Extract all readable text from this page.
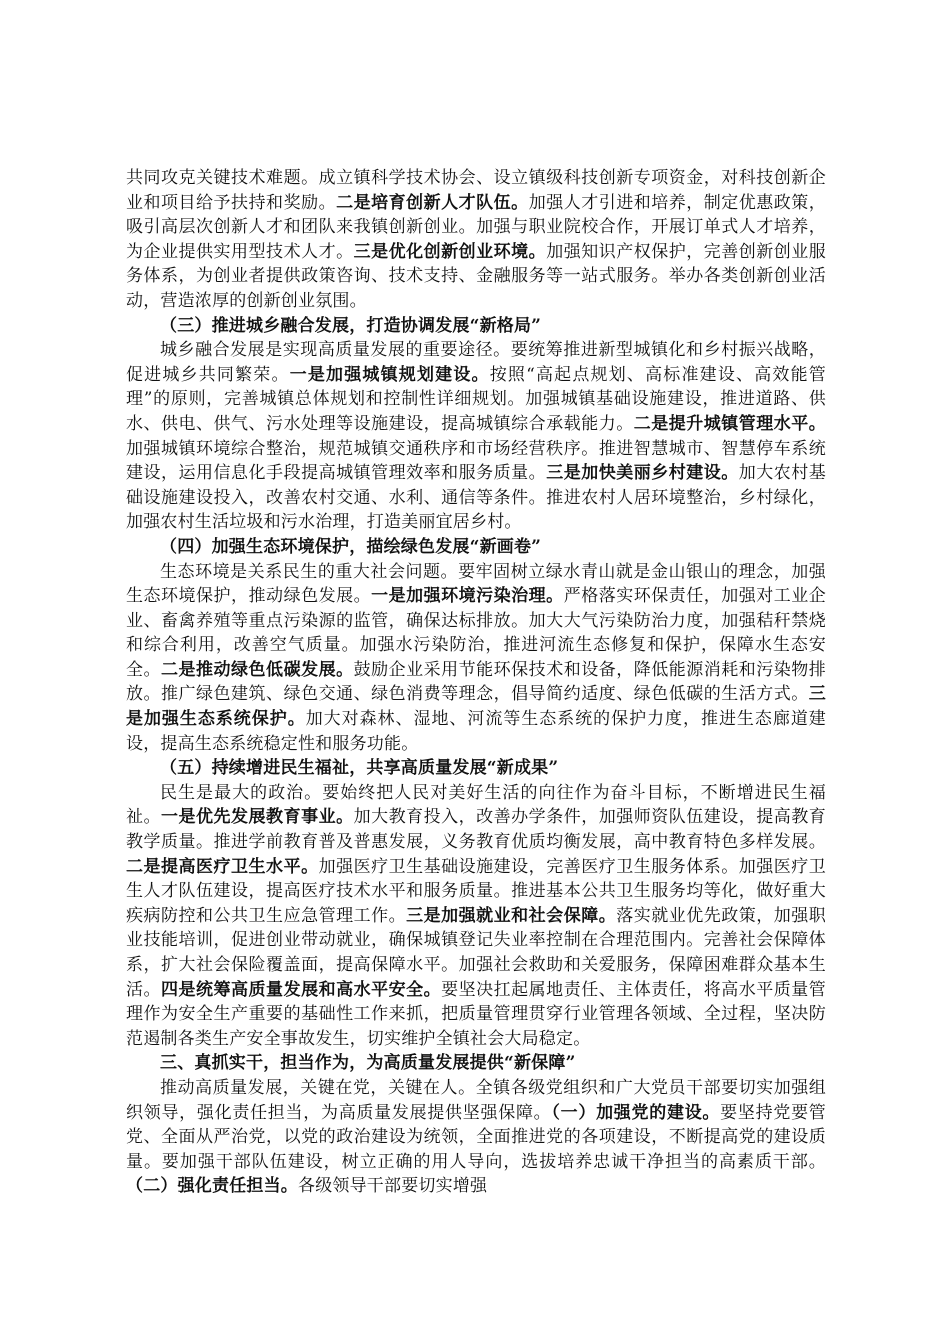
共同攻克关键技术难题。成立镇科学技术协会、设立镇级科技创新专项资金，对科技创新企业和项目给予扶持和奖励。二是培育创新人才队伍。加强人才引进和培养，制定优惠政策，吸引高层次创新人才和团队来我镇创新创业。加强与职业院校合作，开展订单式人才培养，为企业提供实用型技术人才。三是优化创新创业环境。加强知识产权保护，完善创新创业服务体系，为创业者提供政策咨询、技术支持、金融服务等一站式服务。举办各类创新创业活动，营造浓厚的创新创业氛围。

（三）推进城乡融合发展，打造协调发展“新格局”

城乡融合发展是实现高质量发展的重要途径。要统筹推进新型城镇化和乡村振兴战略，促进城乡共同繁荣。一是加强城镇规划建设。按照“高起点规划、高标准建设、高效能管理”的原则，完善城镇总体规划和控制性详细规划。加强城镇基础设施建设，推进道路、供水、供电、供气、污水处理等设施建设，提高城镇综合承载能力。二是提升城镇管理水平。加强城镇环境综合整治，规范城镇交通秩序和市场经营秩序。推进智慧城市、智慧停车系统建设，运用信息化手段提高城镇管理效率和服务质量。三是加快美丽乡村建设。加大农村基础设施建设投入，改善农村交通、水利、通信等条件。推进农村人居环境整治，乡村绿化，加强农村生活垃圾和污水治理，打造美丽宜居乡村。

（四）加强生态环境保护，描绘绿色发展“新画卷”

生态环境是关系民生的重大社会问题。要牢固树立绿水青山就是金山银山的理念，加强生态环境保护，推动绿色发展。一是加强环境污染治理。严格落实环保责任，加强对工业企业、畜禽养殖等重点污染源的监管，确保达标排放。加大大气污染防治力度，加强秸秆禁烧和综合利用，改善空气质量。加强水污染防治，推进河流生态修复和保护，保障水生态安全。二是推动绿色低碳发展。鼓励企业采用节能环保技术和设备，降低能源消耗和污染物排放。推广绿色建筑、绿色交通、绿色消费等理念，倡导简约适度、绿色低碳的生活方式。三是加强生态系统保护。加大对森林、湿地、河流等生态系统的保护力度，推进生态廊道建设，提高生态系统稳定性和服务功能。

（五）持续增进民生福祉，共享高质量发展“新成果”

民生是最大的政治。要始终把人民对美好生活的向往作为奋斗目标，不断增进民生福祉。一是优先发展教育事业。加大教育投入，改善办学条件，加强师资队伍建设，提高教育教学质量。推进学前教育普及普惠发展，义务教育优质均衡发展，高中教育特色多样发展。二是提高医疗卫生水平。加强医疗卫生基础设施建设，完善医疗卫生服务体系。加强医疗卫生人才队伍建设，提高医疗技术水平和服务质量。推进基本公共卫生服务均等化，做好重大疾病防控和公共卫生应急管理工作。三是加强就业和社会保障。落实就业优先政策，加强职业技能培训，促进创业带动就业，确保城镇登记失业率控制在合理范围内。完善社会保障体系，扩大社会保险覆盖面，提高保障水平。加强社会救助和关爱服务，保障困难群众基本生活。四是统筹高质量发展和高水平安全。要坚决扛起属地责任、主体责任，将高水平质量管理作为安全生产重要的基础性工作来抓，把质量管理贯穿行业管理各领域、全过程，坚决防范遏制各类生产安全事故发生，切实维护全镇社会大局稳定。

三、真抓实干，担当作为，为高质量发展提供“新保障”

推动高质量发展，关键在党，关键在人。全镇各级党组织和广大党员干部要切实加强组织领导，强化责任担当，为高质量发展提供坚强保障。（一）加强党的建设。要坚持党要管党、全面从严治党，以党的政治建设为统领，全面推进党的各项建设，不断提高党的建设质量。要加强干部队伍建设，树立正确的用人导向，选拔培养忠诚干净担当的高素质干部。（二）强化责任担当。各级领导干部要切实增强
